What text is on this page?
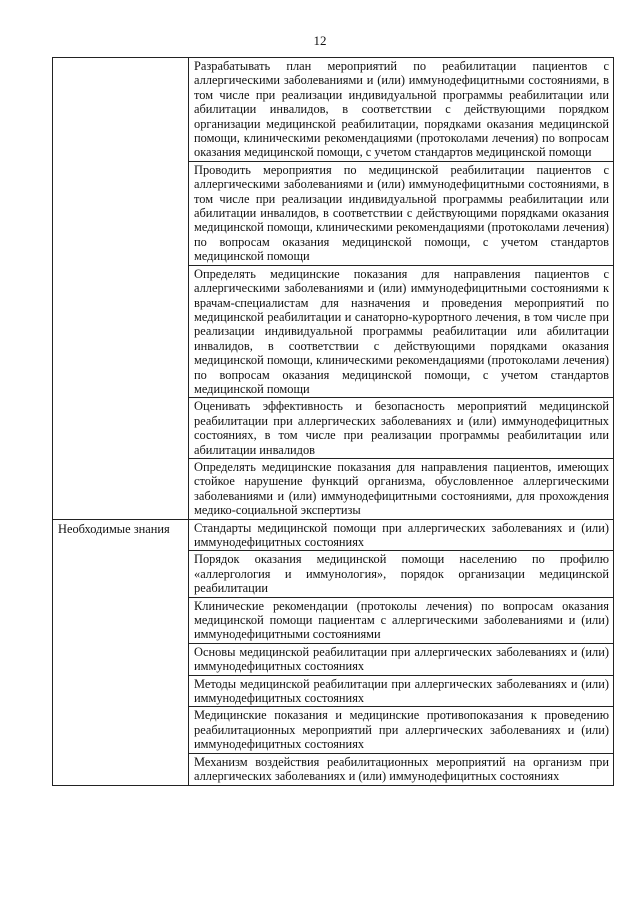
12
	Разрабатывать план мероприятий по реабилитации пациентов с аллергическими заболеваниями и (или) иммунодефицитными состояниями, в том числе при реализации индивидуальной программы реабилитации или абилитации инвалидов, в соответствии с действующими порядком организации медицинской реабилитации, порядками оказания медицинской помощи, клиническими рекомендациями (протоколами лечения) по вопросам оказания медицинской помощи, с учетом стандартов медицинской помощи
	Проводить мероприятия по медицинской реабилитации пациентов с аллергическими заболеваниями и (или) иммунодефицитными состояниями, в том числе при реализации индивидуальной программы реабилитации или абилитации инвалидов, в соответствии с действующими порядками оказания медицинской помощи, клиническими рекомендациями (протоколами лечения) по вопросам оказания медицинской помощи, с учетом стандартов медицинской помощи
	Определять медицинские показания для направления пациентов с аллергическими заболеваниями и (или) иммунодефицитными состояниями к врачам-специалистам для назначения и проведения мероприятий по медицинской реабилитации и санаторно-курортного лечения, в том числе при реализации индивидуальной программы реабилитации или абилитации инвалидов, в соответствии с действующими порядками оказания медицинской помощи, клиническими рекомендациями (протоколами лечения) по вопросам оказания медицинской помощи, с учетом стандартов медицинской помощи
	Оценивать эффективность и безопасность мероприятий медицинской реабилитации при аллергических заболеваниях и (или) иммунодефицитных состояниях, в том числе при реализации программы реабилитации или абилитации инвалидов
	Определять медицинские показания для направления пациентов, имеющих стойкое нарушение функций организма, обусловленное аллергическими заболеваниями и (или) иммунодефицитными состояниями, для прохождения медико-социальной экспертизы
Необходимые знания	Стандарты медицинской помощи при аллергических заболеваниях и (или) иммунодефицитных состояниях
	Порядок оказания медицинской помощи населению по профилю «аллергология и иммунология», порядок организации медицинской реабилитации
	Клинические рекомендации (протоколы лечения) по вопросам оказания медицинской помощи пациентам с аллергическими заболеваниями и (или) иммунодефицитными состояниями
	Основы медицинской реабилитации при аллергических заболеваниях и (или) иммунодефицитных состояниях
	Методы медицинской реабилитации при аллергических заболеваниях и (или) иммунодефицитных состояниях
	Медицинские показания и медицинские противопоказания к проведению реабилитационных мероприятий при аллергических заболеваниях и (или) иммунодефицитных состояниях
	Механизм воздействия реабилитационных мероприятий на организм при аллергических заболеваниях и (или) иммунодефицитных состояниях
